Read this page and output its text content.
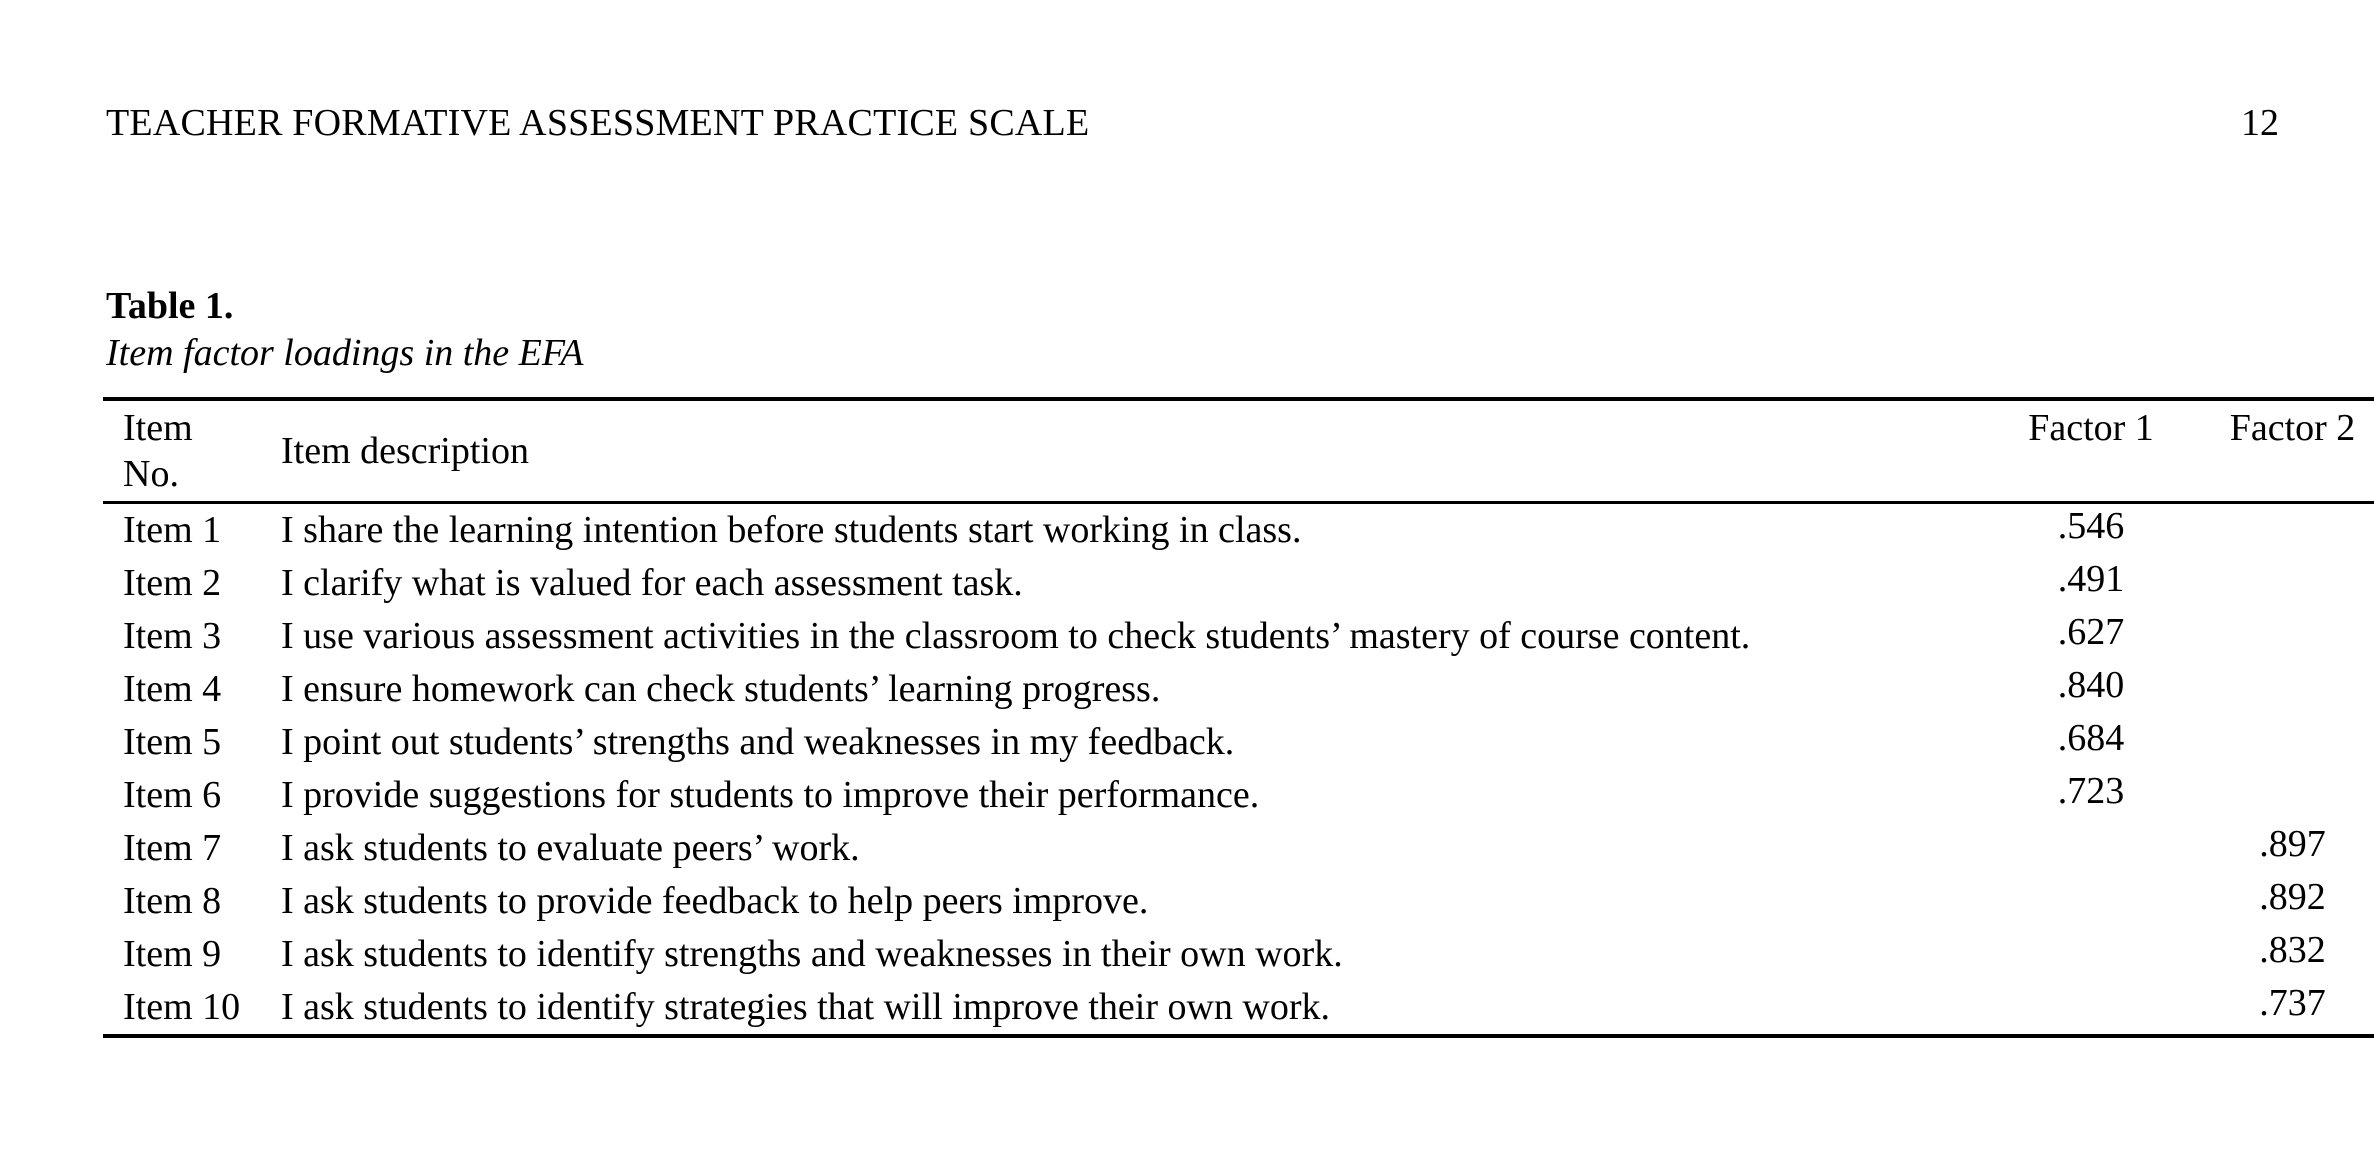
TEACHER FORMATIVE ASSESSMENT PRACTICE SCALE	12
Table 1.
Item factor loadings in the EFA
Item
No.	Item description	Factor 1	Factor 2
Item 1	I share the learning intention before students start working in class.	.546	
Item 2	I clarify what is valued for each assessment task.	.491	
Item 3	I use various assessment activities in the classroom to check students’ mastery of course content.	.627	
Item 4	I ensure homework can check students’ learning progress.	.840	
Item 5	I point out students’ strengths and weaknesses in my feedback.	.684	
Item 6	I provide suggestions for students to improve their performance.	.723	
Item 7	I ask students to evaluate peers’ work.		.897
Item 8	I ask students to provide feedback to help peers improve.		.892
Item 9	I ask students to identify strengths and weaknesses in their own work.		.832
Item 10	I ask students to identify strategies that will improve their own work.		.737
